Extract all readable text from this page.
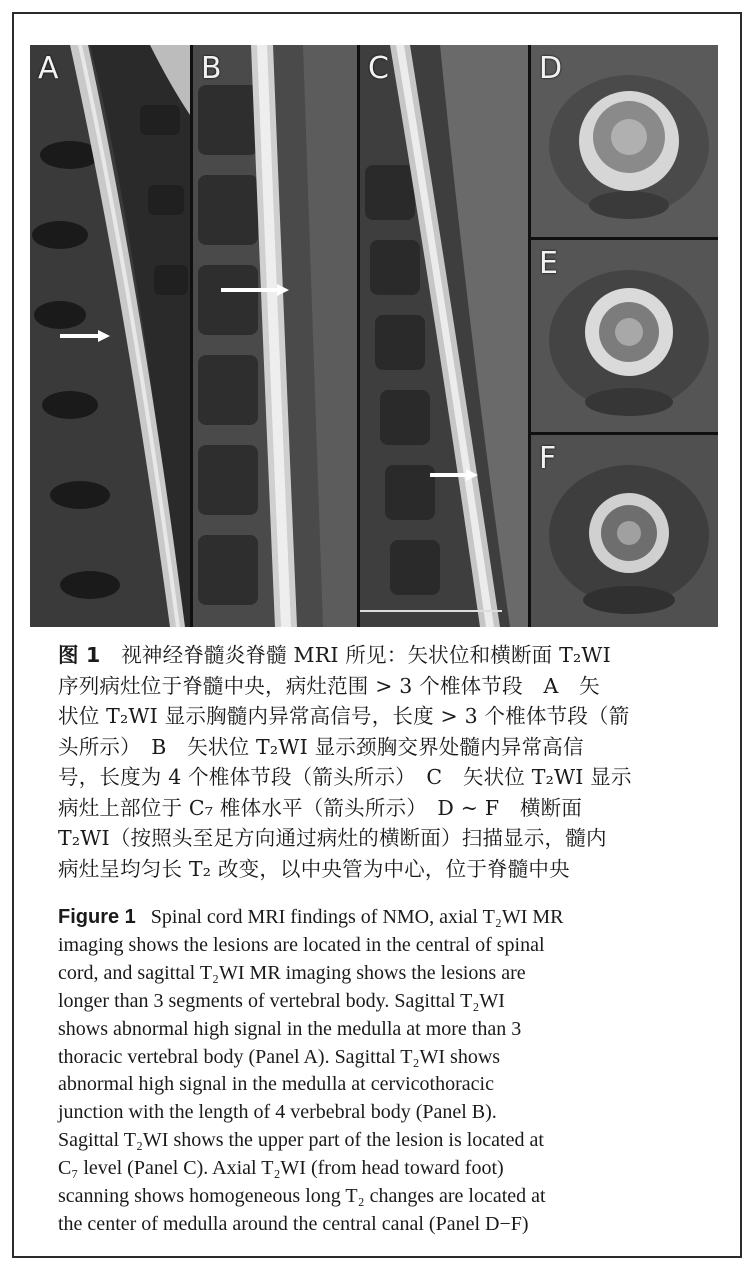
A	B	C	D
E
F
图 1　 视神经脊髓炎脊髓 MRI 所见：矢状位和横断面 T₂WI
序列病灶位于脊髓中央，病灶范围 > 3 个椎体节段　A　矢
状位 T₂WI 显示胸髓内异常高信号，长度 > 3 个椎体节段（箭
头所示）　B　矢状位 T₂WI 显示颈胸交界处髓内异常高信
号，长度为 4 个椎体节段（箭头所示）　C　矢状位 T₂WI 显示
病灶上部位于 C₇ 椎体水平（箭头所示）　D ~ F　横断面
T₂WI（按照头至足方向通过病灶的横断面）扫描显示，髓内
病灶呈均匀长 T₂ 改变，以中央管为中心，位于脊髓中央
Figure 1 Spinal cord MRI findings of NMO, axial T₂WI MR
imaging shows the lesions are located in the central of spinal
cord, and sagittal T₂WI MR imaging shows the lesions are
longer than 3 segments of vertebral body. Sagittal T₂WI
shows abnormal high signal in the medulla at more than 3
thoracic vertebral body (Panel A). Sagittal T₂WI shows
abnormal high signal in the medulla at cervicothoracic
junction with the length of 4 verbebral body (Panel B).
Sagittal T₂WI shows the upper part of the lesion is located at
C₇ level (Panel C). Axial T₂WI (from head toward foot)
scanning shows homogeneous long T₂ changes are located at
the center of medulla around the central canal (Panel D−F)
